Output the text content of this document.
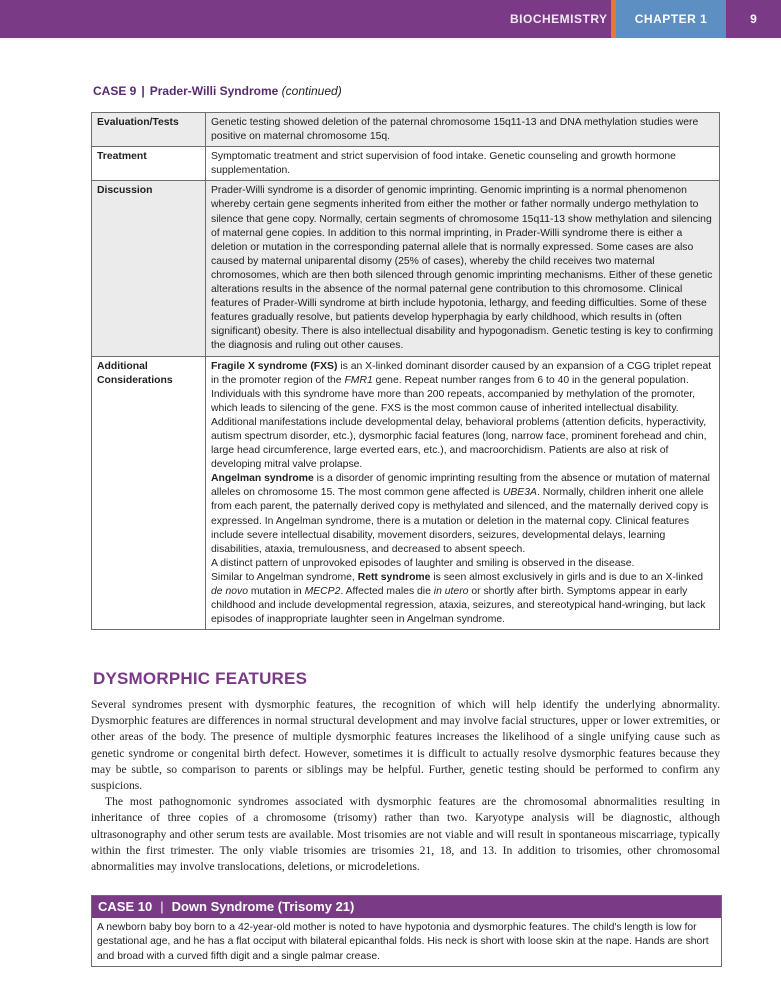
BIOCHEMISTRY	CHAPTER 1	9
CASE 9 | Prader-Willi Syndrome (continued)
Evaluation/Tests	Genetic testing showed deletion of the paternal chromosome 15q11-13 and DNA methylation studies were positive on maternal chromosome 15q.
Treatment	Symptomatic treatment and strict supervision of food intake. Genetic counseling and growth hormone supplementation.
Discussion	Prader-Willi syndrome is a disorder of genomic imprinting. Genomic imprinting is a normal phenomenon whereby certain gene segments inherited from either the mother or father normally undergo methylation to silence that gene copy. Normally, certain segments of chromosome 15q11-13 show methylation and silencing of maternal gene copies. In addition to this normal imprinting, in Prader-Willi syndrome there is either a deletion or mutation in the corresponding paternal allele that is normally expressed. Some cases are also caused by maternal uniparental disomy (25% of cases), whereby the child receives two maternal chromosomes, which are then both silenced through genomic imprinting mechanisms. Either of these genetic alterations results in the absence of the normal paternal gene contribution to this chromosome. Clinical features of Prader-Willi syndrome at birth include hypotonia, lethargy, and feeding difficulties. Some of these features gradually resolve, but patients develop hyperphagia by early childhood, which results in (often significant) obesity. There is also intellectual disability and hypogonadism. Genetic testing is key to confirming the diagnosis and ruling out other causes.
Additional Considerations	Fragile X syndrome (FXS) is an X-linked dominant disorder caused by an expansion of a CGG triplet repeat in the promoter region of the FMR1 gene. Repeat number ranges from 6 to 40 in the general population. Individuals with this syndrome have more than 200 repeats, accompanied by methylation of the promoter, which leads to silencing of the gene. FXS is the most common cause of inherited intellectual disability. Additional manifestations include developmental delay, behavioral problems (attention deficits, hyperactivity, autism spectrum disorder, etc.), dysmorphic facial features (long, narrow face, prominent forehead and chin, large head circumference, large everted ears, etc.), and macroorchidism. Patients are also at risk of developing mitral valve prolapse.
Angelman syndrome is a disorder of genomic imprinting resulting from the absence or mutation of maternal alleles on chromosome 15. The most common gene affected is UBE3A. Normally, children inherit one allele from each parent, the paternally derived copy is methylated and silenced, and the maternally derived copy is expressed. In Angelman syndrome, there is a mutation or deletion in the maternal copy. Clinical features include severe intellectual disability, movement disorders, seizures, developmental delays, learning disabilities, ataxia, tremulousness, and decreased to absent speech.
A distinct pattern of unprovoked episodes of laughter and smiling is observed in the disease.
Similar to Angelman syndrome, Rett syndrome is seen almost exclusively in girls and is due to an X-linked de novo mutation in MECP2. Affected males die in utero or shortly after birth. Symptoms appear in early childhood and include developmental regression, ataxia, seizures, and stereotypical hand-wringing, but lack episodes of inappropriate laughter seen in Angelman syndrome.
DYSMORPHIC FEATURES

Several syndromes present with dysmorphic features, the recognition of which will help identify the underlying abnormality. Dysmorphic features are differences in normal structural development and may involve facial structures, upper or lower extremities, or other areas of the body. The presence of multiple dysmorphic features increases the likelihood of a single unifying cause such as genetic syndrome or congenital birth defect. However, sometimes it is difficult to actually resolve dysmorphic features because they may be subtle, so comparison to parents or siblings may be helpful. Further, genetic testing should be performed to confirm any suspicions.

The most pathognomonic syndromes associated with dysmorphic features are the chromosomal abnormalities resulting in inheritance of three copies of a chromosome (trisomy) rather than two. Karyotype analysis will be diagnostic, although ultrasonography and other serum tests are available. Most trisomies are not viable and will result in spontaneous miscarriage, typically within the first trimester. The only viable trisomies are trisomies 21, 18, and 13. In addition to trisomies, other chromosomal abnormalities may involve translocations, deletions, or microdeletions.

CASE 10 | Down Syndrome (Trisomy 21)
A newborn baby boy born to a 42-year-old mother is noted to have hypotonia and dysmorphic features. The child's length is low for gestational age, and he has a flat occiput with bilateral epicanthal folds. His neck is short with loose skin at the nape. Hands are short and broad with a curved fifth digit and a single palmar crease.
